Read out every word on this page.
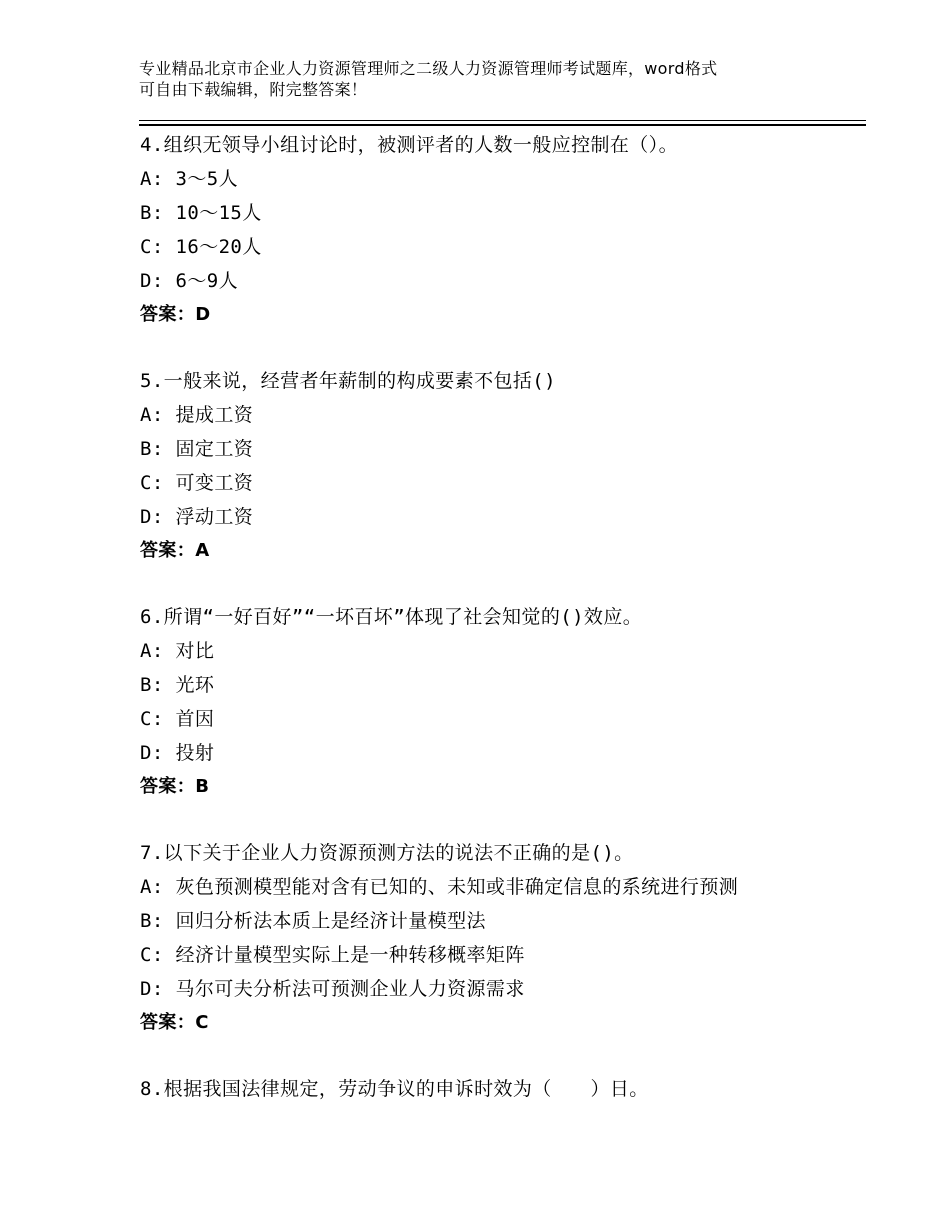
专业精品北京市企业人力资源管理师之二级人力资源管理师考试题库，word格式
可自由下载编辑，附完整答案！
4.组织无领导小组讨论时，被测评者的人数一般应控制在（）。
A: 3～5人
B: 10～15人
C: 16～20人
D: 6～9人
答案：D
5.一般来说，经营者年薪制的构成要素不包括()
A: 提成工资
B: 固定工资
C: 可变工资
D: 浮动工资
答案：A
6.所谓“一好百好”“一坏百坏”体现了社会知觉的()效应。
A: 对比
B: 光环
C: 首因
D: 投射
答案：B
7.以下关于企业人力资源预测方法的说法不正确的是()。
A: 灰色预测模型能对含有已知的、未知或非确定信息的系统进行预测
B: 回归分析法本质上是经济计量模型法
C: 经济计量模型实际上是一种转移概率矩阵
D: 马尔可夫分析法可预测企业人力资源需求
答案：C
8.根据我国法律规定，劳动争议的申诉时效为（　　）日。
